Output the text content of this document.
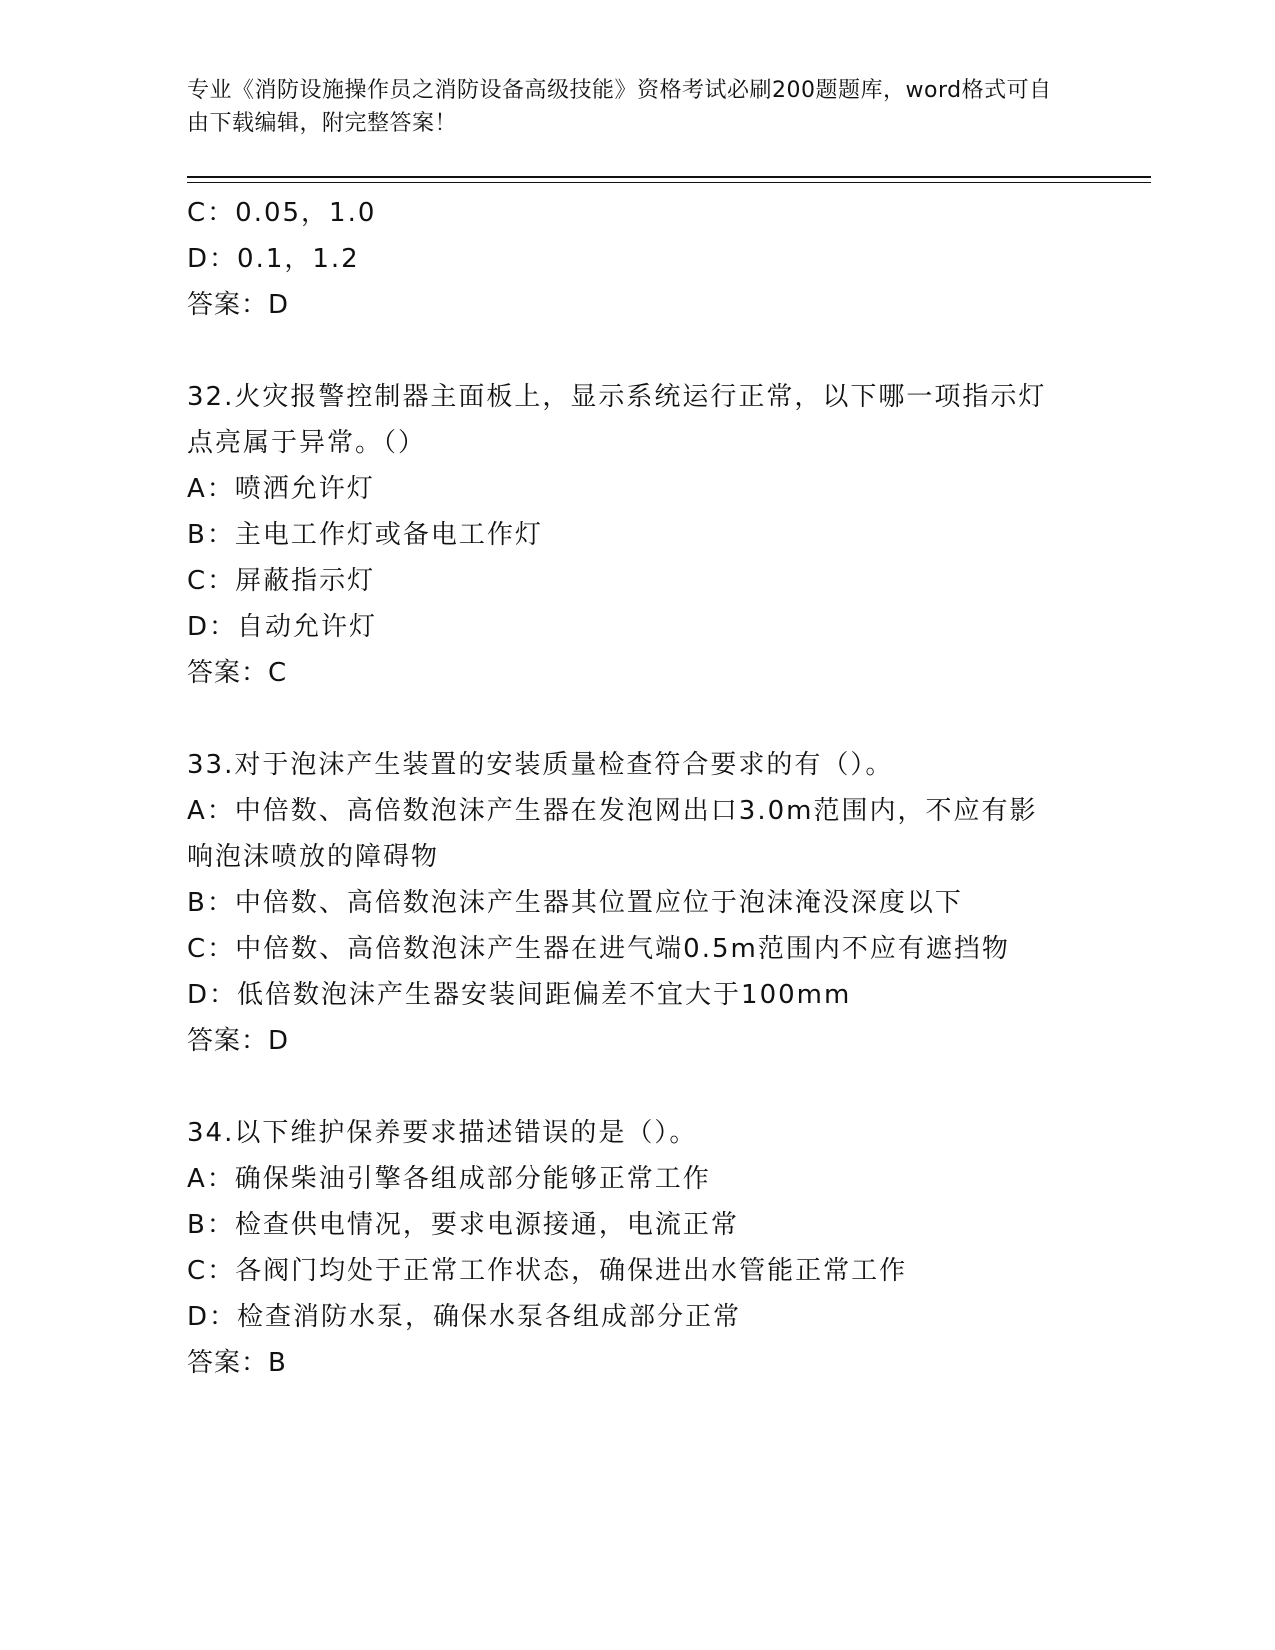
专业《消防设施操作员之消防设备高级技能》资格考试必刷200题题库，word格式可自由下载编辑，附完整答案！
C：0.05，1.0
D：0.1，1.2
答案：D
32.火灾报警控制器主面板上，显示系统运行正常，以下哪一项指示灯
点亮属于异常。（）
A：喷洒允许灯
B：主电工作灯或备电工作灯
C：屏蔽指示灯
D：自动允许灯
答案：C
33.对于泡沫产生装置的安装质量检查符合要求的有（）。
A：中倍数、高倍数泡沫产生器在发泡网出口3.0m范围内，不应有影
响泡沫喷放的障碍物
B：中倍数、高倍数泡沫产生器其位置应位于泡沫淹没深度以下
C：中倍数、高倍数泡沫产生器在进气端0.5m范围内不应有遮挡物
D：低倍数泡沫产生器安装间距偏差不宜大于100mm
答案：D
34.以下维护保养要求描述错误的是（）。
A：确保柴油引擎各组成部分能够正常工作
B：检查供电情况，要求电源接通，电流正常
C：各阀门均处于正常工作状态，确保进出水管能正常工作
D：检查消防水泵，确保水泵各组成部分正常
答案：B
